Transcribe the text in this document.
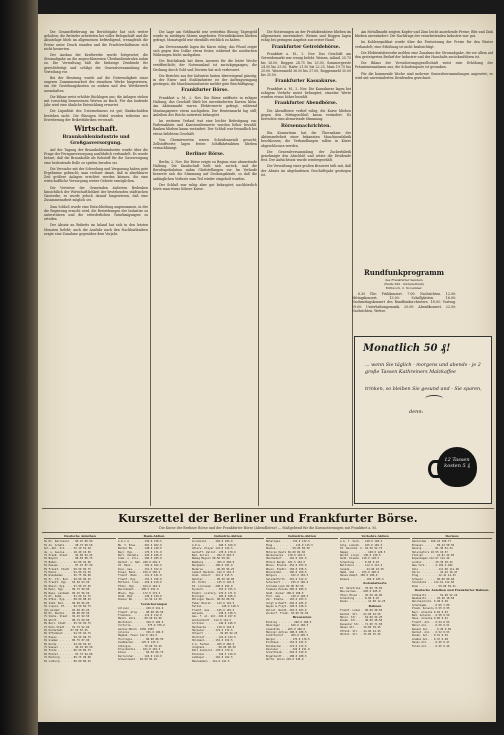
Die Gesamtförderung im Berichtsjahr hat sich weiter gehoben; die Betriebe arbeiteten bei voller Belegschaft und die Absatzlage blieb im allgemeinen befriedigend, wenngleich die Preise unter Druck standen und die Frachtverhältnisse sich nicht besserten.

Der Ausbau der Kraftwerke wurde fortgesetzt; die Stromabgabe an die angeschlossenen Überlandzentralen nahm zu. Die Verwaltung hält die bisherige Dividende für gerechtfertigt und schlägt der Generalversammlung die Verteilung vor.

Bei der Beratung wurde auf die Notwendigkeit einer engeren Zusammenarbeit der einzelnen Werke hingewiesen, um die Gestehungskosten zu senken und den Wettbewerb auszuhalten.

Die Bilanz weist erhöhte Rücklagen aus; die Anlagen stehen mit vorsichtig bemessenen Werten zu Buch. Für das laufende Jahr wird eine ähnliche Entwicklung erwartet.

Die Liquidität des Unternehmens ist gut; Bankschulden bestehen nicht. Die flüssigen Mittel wurden teilweise zur Erweiterung der Brikettfabriken verwandt.

Wirtschaft.
Braunkohlenindustrie und Großgasversorgung.

Auf der Tagung der Braunkohlenindustrie wurde über die Frage der Ferngasversorgung ausführlich verhandelt. Es wurde betont, daß die Braunkohle als Rohstoff für die Gaserzeugung eine bedeutende Rolle zu spielen berufen sei.

Die Versuche mit der Schwelung und Vergasung haben gute Ergebnisse gebracht; man rechnet damit, daß in absehbarer Zeit größere Anlagen errichtet werden können, die eine wirtschaftliche Versorgung weiter Gebiete ermöglichen.

Die Vertreter der Gemeinden äußerten Bedenken hinsichtlich der Wirtschaftlichkeit der bestehenden städtischen Gaswerke; es wurde jedoch darauf hingewiesen, daß eine Zusammenarbeit möglich sei.

Zum Schluß wurde eine Entschließung angenommen, in der die Regierung ersucht wird, die Bestrebungen der Industrie zu unterstützen und die erforderlichen Genehmigungen zu erteilen.

Der Absatz an Briketts im Inland hat sich in den letzten Monaten belebt; auch die Ausfuhr nach den Nachbarländern zeigte eine Zunahme gegenüber dem Vorjahr.

Die Lage am Geldmarkt war weiterhin flüssig; Tagesgeld wurde zu niedrigen Sätzen angeboten. Privatdiskonten blieben gefragt, Monatsgeld war ebenfalls reichlich zu haben.

Am Devisenmarkt lagen die Kurse ruhig; das Pfund zeigte sich gegen den Dollar etwas fester, während die nordischen Währungen leicht nachgaben.

Die Reichsbank hat ihren Ausweis für die letzte Woche veröffentlicht; der Notenumlauf ist zurückgegangen, die Deckung durch Gold und Devisen hat sich verbessert.

Die Berichte aus der Industrie lauten überwiegend günstig; in der Eisen- und Stahlindustrie ist der Auftragseingang gestiegen, die Maschinenindustrie meldet gute Beschäftigung.

Frankfurter Börse.

Frankfurt a. M., 2. Nov. Die Börse eröffnete in ruhiger Haltung; das Geschäft blieb bei unveränderten Kursen klein. Am Aktienmarkt waren Elektrowerte gefragt, während Montanpapiere etwas nachgaben. Der Rentenmarkt lag still; Anleihen des Reichs notierten behauptet.

Im weiteren Verlauf trat eine leichte Befestigung ein; Farbenaktien und Kunstseidenwerte wurden höher bezahlt. Banken blieben kaum verändert. Der Schluß war freundlich bei etwas belebtem Geschäft.

Von Chemiewerten waren Scheideanstalt gesucht; Zellstoffwerte lagen fester. Schiffahrtsaktien blieben vernachlässigt.

Berliner Börse.

Berlin, 2. Nov. Die Börse zeigte zu Beginn eine abwartende Haltung. Die Kundschaft hielt sich zurück, und die Berufsspekulation nahm Glattstellungen vor. Im Verlaufe besserte sich die Stimmung auf Deckungskäufe, so daß die anfänglichen Verluste zum Teil wieder eingeholt wurden.

Der Schluß war ruhig aber gut behauptet; nachbörslich hörte man etwas höhere Kurse.

Die Notierungen an der Produktenbörse blieben im allgemeinen unverändert. Weizen und Roggen lagen ruhig bei geringem Angebot aus erster Hand.

Frankfurter Getreidebörse.

Frankfurt a. M., 2. Nov. Das Geschäft am Getreidemarkt war wenig belebt. Weizen, inländ. 25.75 bis 26.00, Roggen 24.75 bis 25.00, Sommergerste 24.50 bis 25.50, Hafer 21.50 bis 22.25, Mais 19.75 bis 20.00. Weizenmehl 36.50 bis 37.00, Roggenmehl 35.00 bis 35.50.

Frankfurter Kassakurse.

Frankfurt a. M., 2. Nov. Die Kassakurse lagen bei ruhigem Verkehr meist behauptet; einzelne Werte wurden etwas höher bezahlt.

Frankfurter Abendbörse.

Die Abendbörse verlief ruhig; die Kurse blieben gegen den Mittagsschluß kaum verändert. Es herrschte eine abwartende Stimmung.

Börsennachrichten.

Ein Konsortium hat die Übernahme der Aktienmehrheit einer bekannten Maschinenfabrik beschlossen; die Verhandlungen sollen in Kürze abgeschlossen werden.

Die Generalversammlung der Zuckerfabrik genehmigte den Abschluß und setzte die Dividende fest. Der Aufsichtsrat wurde wiedergewählt.

Die Verwaltung einer großen Brauerei teilt mit, daß der Absatz im abgelaufenen Geschäftsjahr gestiegen ist.

Am Metallmarkt zeigten Kupfer und Zinn leicht anziehende Preise; Blei und Zink blieben unverändert. Die Nachfrage der verarbeitenden Industrie war gut.

Im Kohlensyndikat wurde über die Festsetzung der Preise für den Winter verhandelt; eine Erhöhung ist nicht beabsichtigt.

Die Elektrizitätswerke melden eine Zunahme der Stromabgabe, die vor allem auf den gesteigerten Bedarf der Industrie und des Haushalts zurückzuführen ist.

Die Bilanz der Versicherungsgesellschaft weist eine Erhöhung der Prämieneinnahmen aus; die Schadenquote ist gesunken.

Für die kommende Woche sind mehrere Generalversammlungen angesetzt; es wird mit unveränderten Dividenden gerechnet.

Rundfunkprogramm
des Frankfurter Senders
(Welle 390 - Südwestfunk)
Mittwoch, 2. November.

6.30 Uhr: Frühkonzert. 7.00: Nachrichten. 12.00: Mittagskonzert. 13.00: Schallplatten. 16.00: Nachmittagskonzert des Rundfunkorchesters. 18.00: Vortrag. 19.00: Unterhaltungsmusik. 20.00: Abendkonzert. 22.00: Nachrichten, Wetter.

Monatlich 50 ₰!
... wenn Sie täglich - morgens und abends - je 2 große Tassen Kathreiners Malzkaffee
trinken, so bleiben Sie gesund und - Sie sparen,
denn:
12 Tassen kosten 5 ₰
Kurszettel der Berliner und Frankfurter Börse.
Die Kurse der Berliner Börse und der Frankfurter Börse (Abendbörse) — Maßgebend für die Kursnotierungen mit Frankfurt a. M.
Deutsche Anleihen
6% Dt. Reichsanl. . 89.25 89.50
5% do. Schatz . . . 98.75 98.50
Anl.-Abl. Sch. . . 52.10 52.20
do. o. Auslos. . . 18.40 18.50
7% Preuß. Staat . . 94.00 94.25
6% Bayern . . . . . 88.50 88.75
7% Baden . . . . . 92.00 92.00
6% Hessen . . . . . 87.25 87.50
8% Frankf. Stadt . 96.50 96.75
7% Mainz . . . . . 91.00 91.25
8% Wiesbaden . . . 95.75 96.00
6% Pr. Ctr. Bod. . 90.00 90.25
7% Frankf. Hyp. . 93.50 93.50
8% Rhein. Hyp. . . 97.00 97.25
6% Mein. Hyp. . . 89.75 90.00
8% Nass. Landesb. 96.25 96.50
7% Dt. Komm. . . . 91.50 91.75
6% Pfälz. Hyp. . . 88.00 88.25
8% Südd. Bod. . . 96.00 96.00
5% Liquid. Pf. . . 84.50 84.75
4½% Goldpf. . . . 83.00 83.25
6% Dt. Renten . . 89.00 89.50
7% Sächs. Staat . 92.25 92.50
6% Württ. . . . . 88.75 89.00
8% Berl. Stadt . . 95.50 95.75
7% Köln Stadt . . 91.75 92.00
6% Darmstadt . . 87.00 87.25
8% Offenbach . . . 94.50 94.75
7% Hanau . . . . . 90.50 90.75
6% Gießen . . . . 86.75 87.00
8% Worms . . . . . 94.00 94.25
7% Kassel . . . . . 90.25 90.50
6% Fulda . . . . . 86.50 86.75
8% Höchst . . . . . 93.75 94.00
7% Marburg . . . . 89.75 90.00
6% Limburg . . . . 86.00 86.25
Bank-Aktien
A.D.C.A. . . . . 139.0 138.5
Bk. f. Brau. . . 201.5 202.0
Barmer Bk. . . . 148.0 148.0
Bayr. Hyp. . . . 170.5 171.0
Berl. Handels. . 245.0 246.0
Comm. u. Priv. . 184.5 185.0
Darmst. u. Nat. 248.0 249.5
Dt. Bank . . . . 162.0 162.5
Disc.-Ges. . . . 151.5 152.0
Dresd. Bank . . 156.0 156.5
Frankf. Bank . . 121.0 121.0
Frankf. Hyp. . . 155.5 156.0
Mitteld. Cred. . 218.0 219.0
Pfälz. Hyp. . . 164.0 164.5
Reichsbank . . 290.5 291.0
Rhein. Hyp. . . 172.0 172.5
Südd. Bod. . . . 149.0 149.0
Wiener Bk. . . . 12.50 12.50
Versicherungen
Allianz . . . . . 240.0 241.0
Frankf. Allg. . . 98.00 98.50
Frankona . . . . 112.0 112.0
Mannh. Vers. . . 80.50 81.00
Nordstern . . . . 160.0 160.5
Victoria . . . . . 375.0 376.0
Aachen-Münch. 1950 1955
Colonia . . . . . 195.0 196.0
Magdeb. Feuer 142.0 142.5
Thuringia . . . . 88.00 88.50
Gladbacher . . 125.0 125.5
Albingia . . . . 76.00 76.25
Providentia . . 101.0 101.5
Iduna . . . . . . 66.50 66.75
Karlsruher . . . 110.0 110.0
Schwarzwald . 84.00 84.25
Industrie-Aktien
Accumulat. . . 182.0 183.0
A.E.G. . . . . . 168.5 169.0
Adlerw. Kleyer 124.0 124.5
Aschaff. Zellst. 178.0 179.0
Bad. Anilin . . 262.0 263.5
Bamag Meguin 98.50 99.00
Bemberg . . . . 455.0 458.0
Bergmann . . . 190.0 191.0
Buderus . . . . 96.00 96.25
Cement Heidelb. 142.0 142.5
Chem. Albert . 115.0 115.5
Daimler . . . . 89.50 90.00
Dt. Erdöl . . . 135.0 136.0
Dt. Linoleum . 290.0 292.0
Dyckerh. . . . . 155.0 155.5
Elektr. Lieferg. 170.0 171.0
Enzinger . . . . 106.0 106.5
Eßlinger Masch. 88.00 88.50
Faber Bleist. . 142.0 142.5
Felten . . . . . . 128.0 128.5
Frankf. Gas . . 145.0 145.5
Gelsenk. . . . . 138.0 138.5
Ges. f. el. Unt. 226.0 227.0
Goldschmidt . 112.0 112.5
Gritzner . . . . 146.0 146.5
Hanfwerke . . . 118.0 118.0
Harpener . . . 172.0 172.5
Hilpert . . . . . 92.00 92.25
Hochtief . . . . 124.0 124.5
Holzmann . . . 152.0 152.5
I.G. Farben . . 265.0 266.0
Junghans . . . . 98.00 98.50
Kali Aschersl. 178.0 179.0
Klöckner . . . . 118.5 119.0
Lahmeyer . . . 162.0 162.5
Mannesmann . 141.0 141.5
Industrie-Aktien
Metallges. . . . 132.0 132.5
Miag . . . . . . . 115.0 115.5
Moenus . . . . . 58.00 58.50
Motoren Deutz 82.00 82.50
Neckarwerke . 118.0 118.0
Oberbedarf . . 101.0 101.5
Phönix Bergb. 101.5 102.0
Rhein. Braunk. 252.0 253.0
Rhein. Elektr. 158.0 158.5
Rheinstahl . . 160.0 160.5
Rütgers . . . . 102.0 102.5
Salzdetfurth . 310.0 312.0
Schuckert . . . 195.0 196.0
Schramm Lack 82.00 82.50
Siemens Halske 285.0 286.5
Südd. Zucker 168.0 168.5
Thür. Gas . . . 148.0 148.5
Ver. Stahlw. . 103.0 103.5
Voigt & Haeff. 204.0 205.0
Wayss & Freyt. 128.0 128.5
Zellst. Waldh. 262.0 263.0
Zuckerf. Frank. 92.00 92.50
Brauereien
Binding . . . . . 198.0 198.5
Henninger . . . 160.0 160.5
Löwenbräu . . 265.0 266.0
Mainzer Aktien 188.0 188.5
Schöfferhof . . 205.0 205.5
Werger . . . . . 176.0 176.5
Eichbaum . . . 152.0 152.5
Kulmbacher . . 172.0 172.5
Paulaner . . . . 210.0 211.0
Schultheiß . . 318.0 319.0
Engelhardt . . 188.0 188.5
Dortm. Union 245.0 246.0
Verkehrs-Aktien
A.G. f. Verk. . 148.0 148.5
Allg. Lokalb. . 165.0 165.5
Dt. Reichsb. V. 92.50 92.75
Hapag . . . . . . 128.0 128.5
Nordd. Lloyd . 130.0 130.5
Südd. Eisenb. 118.0 118.5
Schantung . . . 8.00 8.25
Baltimore . . . 112.0 112.5
Canada . . . . . 44.00 44.50
Hamb. Süd . . 195.0 196.0
Hansa Dampf. 185.0 186.0
Kosmos . . . . . 105.0 105.5
Kolonialwerte
Dt. Ostafrika . 78.00 78.50
Neu-Guinea . . 620.0 625.0
Otavi Minen . . 45.50 46.00
Schantung . . . 8.00 8.25
Kaoko . . . . . . 12.00 12.25
Bahnen
Frankf. Lokal . 98.00 98.50
Darmst. Str. . 62.00 62.50
Mainz. Str. . . 54.00 54.25
Wiesb. Str. . . 48.00 48.50
Kasseler Str. . 71.00 71.50
Hanau Str. . . 39.00 39.25
Offenb. Str. . 44.00 44.25
Höchst. Str. . 35.00 35.25
Devisen
Amsterdam . 168.43 168.77
Brüssel . . . . 58.44 58.56
Danzig . . . . 81.38 81.54
Helsingfors 10.55 10.57
Italien . . . . 22.81 22.85
Kopenhagen 112.07 112.29
London . . . . 20.39 20.43
New York . . . 4.194 4.202
Oslo . . . . . . 111.06 111.28
Paris . . . . . . 16.43 16.47
Prag . . . . . . 12.41 12.43
Schweiz . . . . 80.80 80.96
Stockholm . . 112.61 112.83
Wien . . . . . . 59.09 59.21
Deutsche Anleihen und Frankfurter Bahnen.
Altbesitz . . . . 52.00 52.20
Neubesitz . . . 18.40 18.50
Reichsschuld. 0.48 0.49
Schutzgeb. . . 6.90 7.00
Preuß. Konsols 0.55 0.55
Bayr. Anleihe 0.62 0.63
Bad. Anleihe . 0.58 0.59
Hess. Anleihe 0.60 0.61
Frankf. Anl. . 0.54 0.55
Mainz Anl. . . 0.50 0.51
Kassel Anl. . . 0.49 0.50
Darmst. Anl. . 0.52 0.53
Wiesb. Anl. . 0.51 0.52
Gießen Anl. . 0.47 0.48
Hanau Anl. . . 0.46 0.47
Fulda Anl. . . 0.45 0.46
